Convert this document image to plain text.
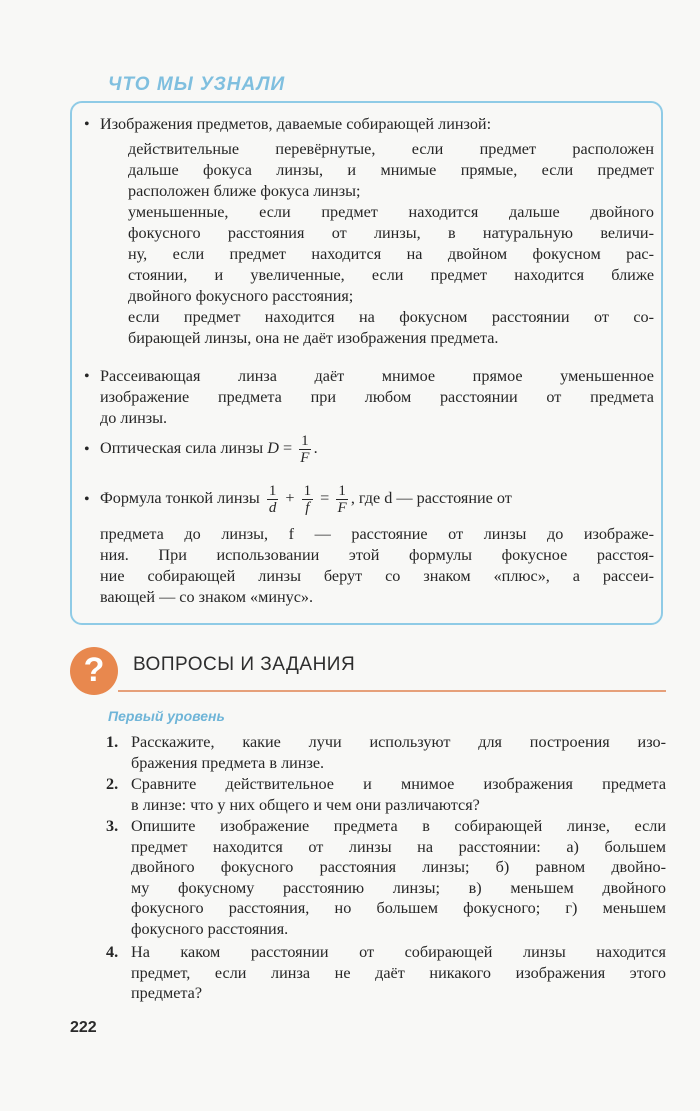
ЧТО МЫ УЗНАЛИ
• Изображения предметов, даваемые собирающей линзой:
действительные перевёрнутые, если предмет расположен
дальше фокуса линзы, и мнимые прямые, если предмет
расположен ближе фокуса линзы;
уменьшенные, если предмет находится дальше двойного
фокусного расстояния от линзы, в натуральную величи-
ну, если предмет находится на двойном фокусном рас-
стоянии, и увеличенные, если предмет находится ближе
двойного фокусного расстояния;
если предмет находится на фокусном расстоянии от со-
бирающей линзы, она не даёт изображения предмета.
• Рассеивающая линза даёт мнимое прямое уменьшенное
изображение предмета при любом расстоянии от предмета
до линзы.
• Оптическая сила линзы $D = \frac{1}{F}$ .
• Формула тонкой линзы $\frac{1}{d} + \frac{1}{f} = \frac{1}{F}$ , где d — расстояние от
предмета до линзы, f — расстояние от линзы до изображе-
ния. При использовании этой формулы фокусное расстоя-
ние собирающей линзы берут со знаком «плюс», а рассеи-
вающей — со знаком «минус».
? ВОПРОСЫ И ЗАДАНИЯ
Первый уровень
1. Расскажите, какие лучи используют для построения изо-
бражения предмета в линзе.
2. Сравните действительное и мнимое изображения предмета
в линзе: что у них общего и чем они различаются?
3. Опишите изображение предмета в собирающей линзе, если
предмет находится от линзы на расстоянии: а) большем
двойного фокусного расстояния линзы; б) равном двойно-
му фокусному расстоянию линзы; в) меньшем двойного
фокусного расстояния, но большем фокусного; г) меньшем
фокусного расстояния.
4. На каком расстоянии от собирающей линзы находится
предмет, если линза не даёт никакого изображения этого
предмета?
222
